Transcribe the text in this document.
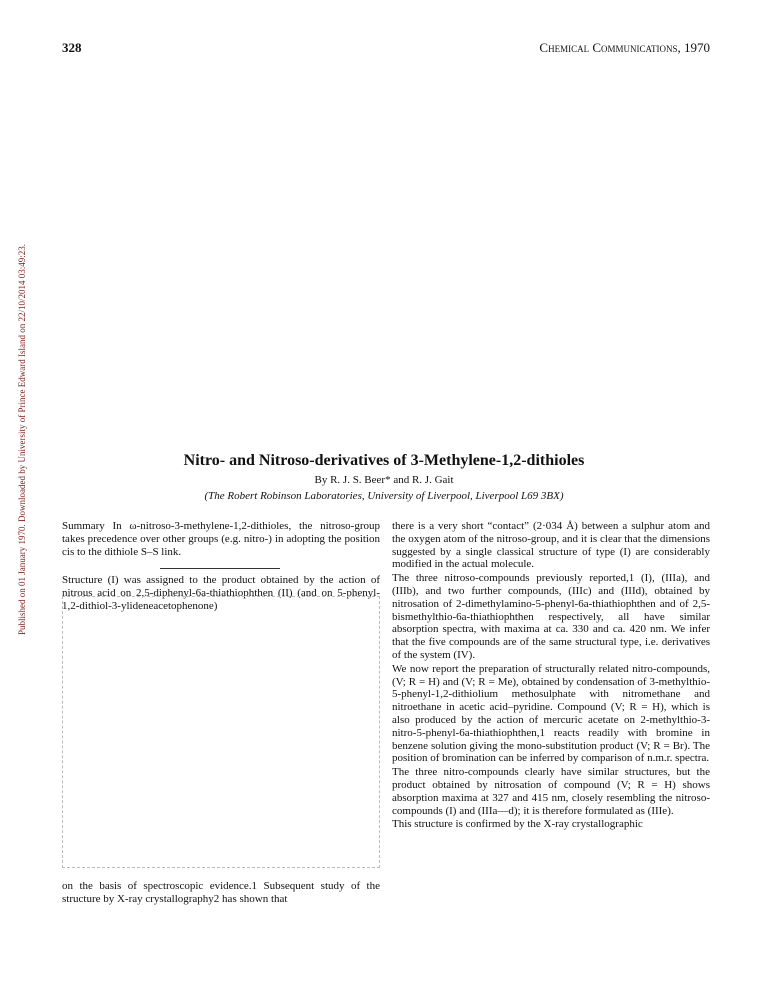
328	Chemical Communications, 1970
Published on 01 January 1970. Downloaded by University of Prince Edward Island on 22/10/2014 03:49:23.	Nitro- and Nitroso-derivatives of 3-Methylene-1,2-dithioles
By R. J. S. Beer* and R. J. Gait
(The Robert Robinson Laboratories, University of Liverpool, Liverpool L69 3BX)
Summary In ω-nitroso-3-methylene-1,2-dithioles, the nitroso-group takes precedence over other groups (e.g. nitro-) in adopting the position cis to the dithiole S–S link.
Structure (I) was assigned to the product obtained by the action of nitrous acid on 2,5-diphenyl-6a-thiathiophthen (II) (and on 5-phenyl-1,2-dithiol-3-ylideneacetophenone)
on the basis of spectroscopic evidence.1 Subsequent study of the structure by X-ray crystallography2 has shown that

there is a very short “contact” (2·034 Å) between a sulphur atom and the oxygen atom of the nitroso-group, and it is clear that the dimensions suggested by a single classical structure of type (I) are considerably modified in the actual molecule.

The three nitroso-compounds previously reported,1 (I), (IIIa), and (IIIb), and two further compounds, (IIIc) and (IIId), obtained by nitrosation of 2-dimethylamino-5-phenyl-6a-thiathiophthen and of 2,5-bismethylthio-6a-thiathiophthen respectively, all have similar absorption spectra, with maxima at ca. 330 and ca. 420 nm. We infer that the five compounds are of the same structural type, i.e. derivatives of the system (IV).

We now report the preparation of structurally related nitro-compounds, (V; R = H) and (V; R = Me), obtained by condensation of 3-methylthio-5-phenyl-1,2-dithiolium methosulphate with nitromethane and nitroethane in acetic acid–pyridine. Compound (V; R = H), which is also produced by the action of mercuric acetate on 2-methylthio-3-nitro-5-phenyl-6a-thiathiophthen,1 reacts readily with bromine in benzene solution giving the mono-substitution product (V; R = Br). The position of bromination can be inferred by comparison of n.m.r. spectra.

The three nitro-compounds clearly have similar structures, but the product obtained by nitrosation of compound (V; R = H) shows absorption maxima at 327 and 415 nm, closely resembling the nitroso-compounds (I) and (IIIa—d); it is therefore formulated as (IIIe).

This structure is confirmed by the X-ray crystallographic
